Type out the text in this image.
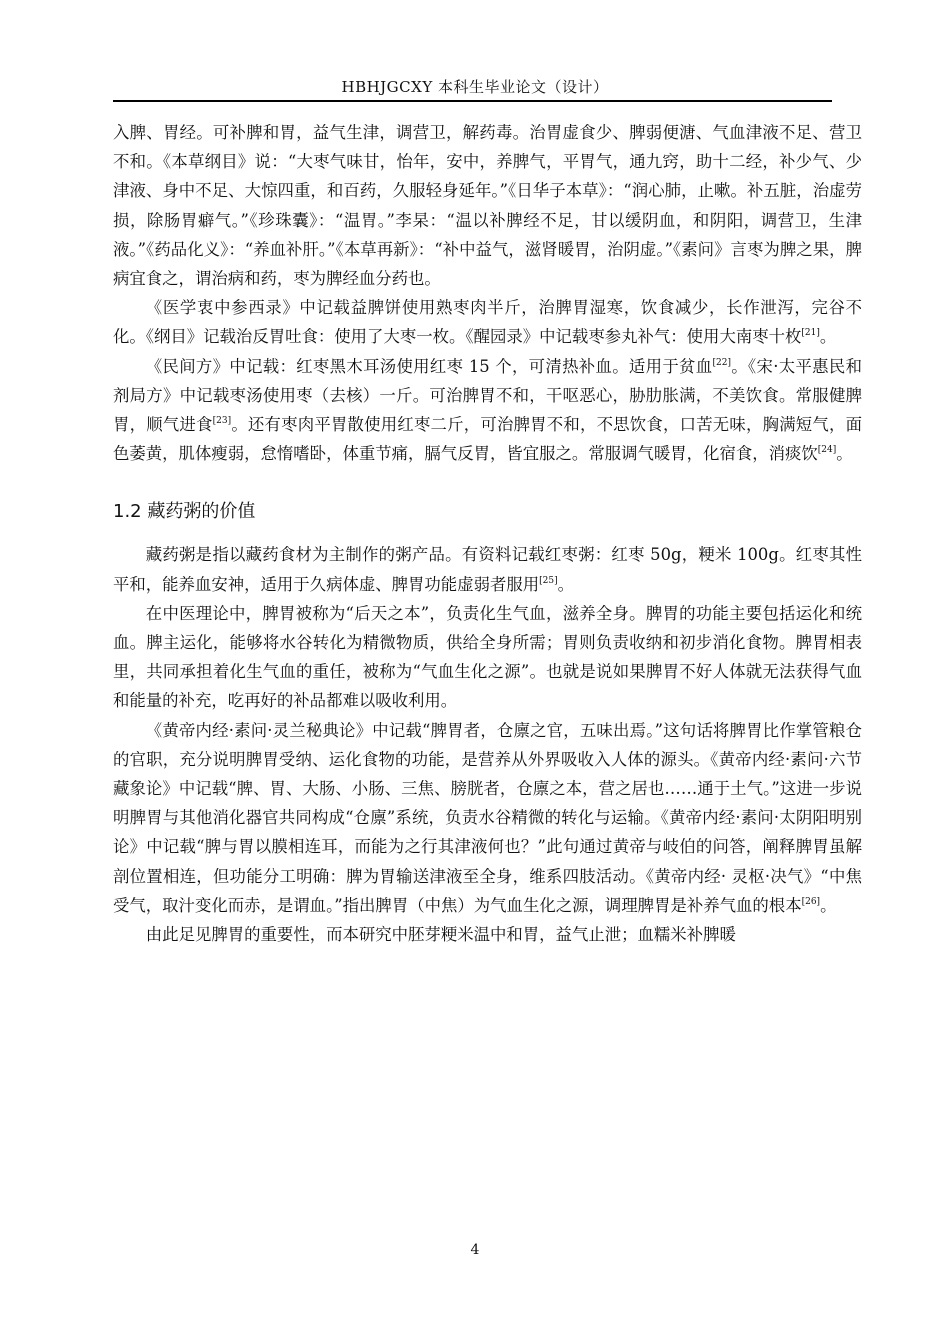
HBHJGCXY 本科生毕业论文（设计）

入脾、胃经。可补脾和胃，益气生津，调营卫，解药毒。治胃虚食少、脾弱便溏、气血津液不足、营卫不和。《本草纲目》说：“大枣气味甘，怡年，安中，养脾气，平胃气，通九窍，助十二经，补少气、少津液、身中不足、大惊四重，和百药，久服轻身延年。”《日华子本草》：“润心肺，止嗽。补五脏，治虚劳损，除肠胃癖气。”《珍珠囊》：“温胃。”李杲：“温以补脾经不足，甘以缓阴血，和阴阳，调营卫，生津液。”《药品化义》：“养血补肝。”《本草再新》：“补中益气，滋肾暖胃，治阴虚。”《素问》言枣为脾之果，脾病宜食之，谓治病和药，枣为脾经血分药也。

《医学衷中参西录》中记载益脾饼使用熟枣肉半斤，治脾胃湿寒，饮食减少，长作泄泻，完谷不化。《纲目》记载治反胃吐食：使用了大枣一枚。《醒园录》中记载枣参丸补气：使用大南枣十枚[21]。

《民间方》中记载：红枣黑木耳汤使用红枣 15 个，可清热补血。适用于贫血[22]。《宋·太平惠民和剂局方》中记载枣汤使用枣（去核）一斤。可治脾胃不和，干呕恶心，胁肋胀满，不美饮食。常服健脾胃，顺气进食[23]。还有枣肉平胃散使用红枣二斤，可治脾胃不和，不思饮食，口苦无味，胸满短气，面色萎黄，肌体瘦弱，怠惰嗜卧，体重节痛，膈气反胃，皆宜服之。常服调气暖胃，化宿食，消痰饮[24]。

1.2 藏药粥的价值

藏药粥是指以藏药食材为主制作的粥产品。有资料记载红枣粥：红枣 50g，粳米 100g。红枣其性平和，能养血安神，适用于久病体虚、脾胃功能虚弱者服用[25]。

在中医理论中，脾胃被称为“后天之本”，负责化生气血，滋养全身。脾胃的功能主要包括运化和统血。脾主运化，能够将水谷转化为精微物质，供给全身所需；胃则负责收纳和初步消化食物。脾胃相表里，共同承担着化生气血的重任，被称为“气血生化之源”。也就是说如果脾胃不好人体就无法获得气血和能量的补充，吃再好的补品都难以吸收利用。

《黄帝内经·素问·灵兰秘典论》中记载“脾胃者，仓廪之官，五味出焉。”这句话将脾胃比作掌管粮仓的官职，充分说明脾胃受纳、运化食物的功能，是营养从外界吸收入人体的源头。《黄帝内经·素问·六节藏象论》中记载“脾、胃、大肠、小肠、三焦、膀胱者，仓廪之本，营之居也……通于土气。”这进一步说明脾胃与其他消化器官共同构成“仓廪”系统，负责水谷精微的转化与运输。《黄帝内经·素问·太阴阳明别论》中记载“脾与胃以膜相连耳，而能为之行其津液何也？”此句通过黄帝与岐伯的问答，阐释脾胃虽解剖位置相连，但功能分工明确：脾为胃输送津液至全身，维系四肢活动。《黄帝内经· 灵枢·决气》“中焦受气，取汁变化而赤，是谓血。”指出脾胃（中焦）为气血生化之源，调理脾胃是补养气血的根本[26]。

由此足见脾胃的重要性，而本研究中胚芽粳米温中和胃，益气止泄；血糯米补脾暖

4
